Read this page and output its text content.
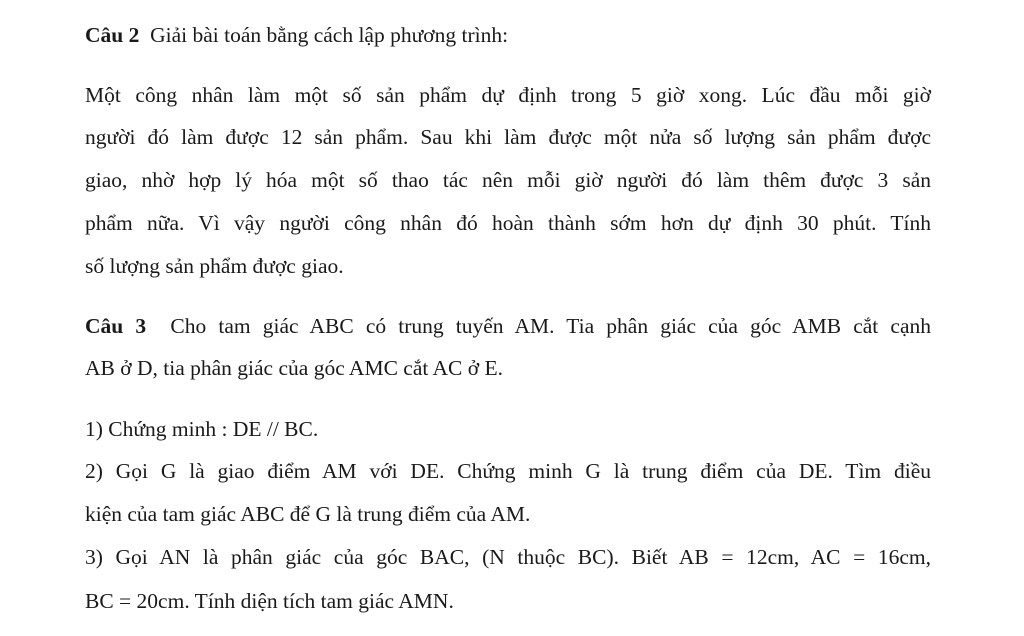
Câu 2 Giải bài toán bằng cách lập phương trình:
Một công nhân làm một số sản phẩm dự định trong 5 giờ xong. Lúc đầu mỗi giờ
người đó làm được 12 sản phẩm. Sau khi làm được một nửa số lượng sản phẩm được
giao, nhờ hợp lý hóa một số thao tác nên mỗi giờ người đó làm thêm được 3 sản
phẩm nữa. Vì vậy người công nhân đó hoàn thành sớm hơn dự định 30 phút. Tính
số lượng sản phẩm được giao.
Câu 3 Cho tam giác ABC có trung tuyến AM. Tia phân giác của góc AMB cắt cạnh
AB ở D, tia phân giác của góc AMC cắt AC ở E.
1) Chứng minh : DE // BC.
2) Gọi G là giao điểm AM với DE. Chứng minh G là trung điểm của DE. Tìm điều
kiện của tam giác ABC để G là trung điểm của AM.
3) Gọi AN là phân giác của góc BAC, (N thuộc BC). Biết AB = 12cm, AC = 16cm,
BC = 20cm. Tính diện tích tam giác AMN.
